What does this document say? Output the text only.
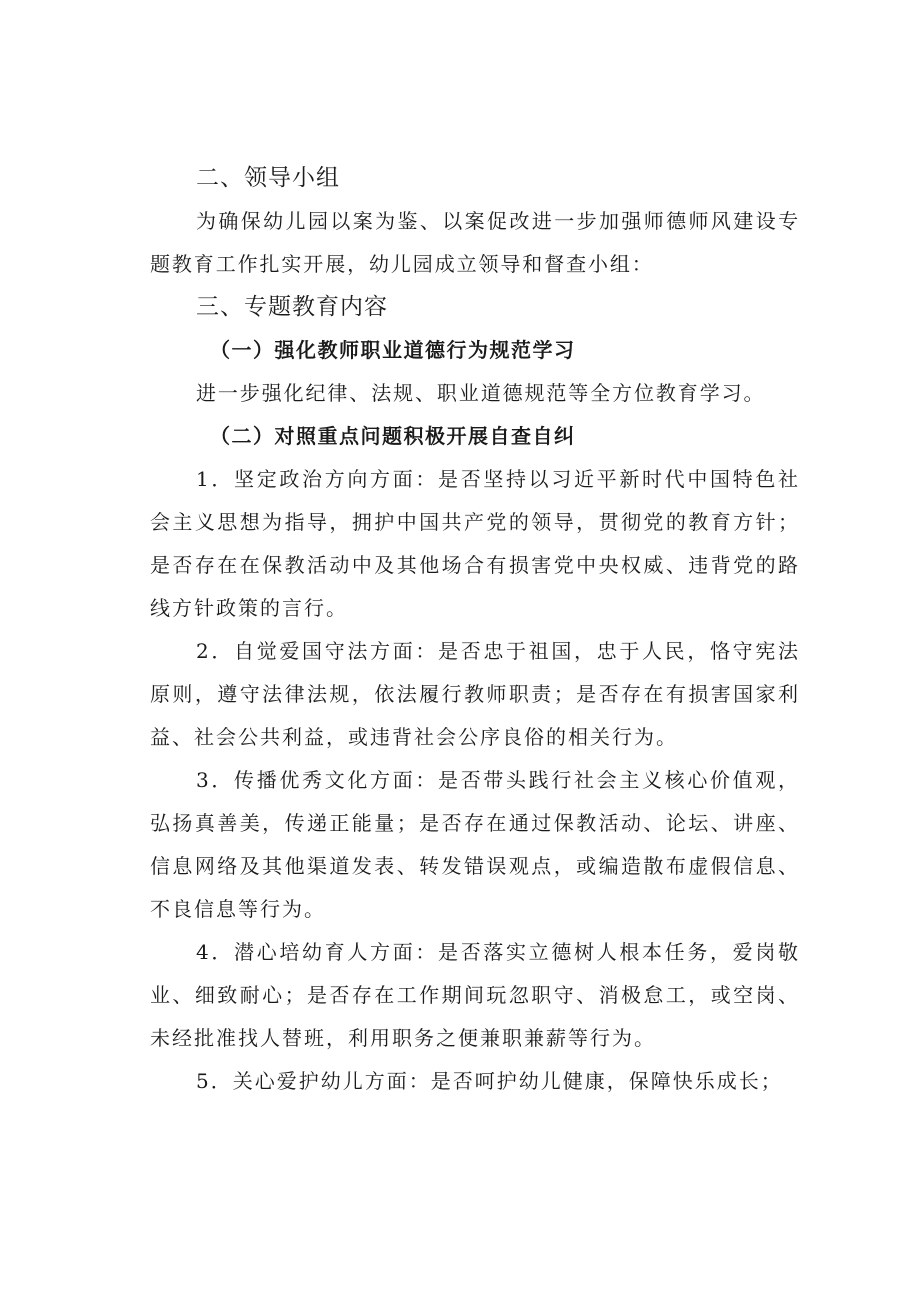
二、领导小组

为确保幼儿园以案为鉴、以案促改进一步加强师德师风建设专题教育工作扎实开展，幼儿园成立领导和督查小组：

三、专题教育内容
（一）强化教师职业道德行为规范学习

进一步强化纪律、法规、职业道德规范等全方位教育学习。

（二）对照重点问题积极开展自查自纠

1．坚定政治方向方面：是否坚持以习近平新时代中国特色社会主义思想为指导，拥护中国共产党的领导，贯彻党的教育方针；是否存在在保教活动中及其他场合有损害党中央权威、违背党的路线方针政策的言行。

2．自觉爱国守法方面：是否忠于祖国，忠于人民，恪守宪法原则，遵守法律法规，依法履行教师职责；是否存在有损害国家利益、社会公共利益，或违背社会公序良俗的相关行为。

3．传播优秀文化方面：是否带头践行社会主义核心价值观，弘扬真善美，传递正能量；是否存在通过保教活动、论坛、讲座、信息网络及其他渠道发表、转发错误观点，或编造散布虚假信息、不良信息等行为。

4．潜心培幼育人方面：是否落实立德树人根本任务，爱岗敬业、细致耐心；是否存在工作期间玩忽职守、消极怠工，或空岗、未经批准找人替班，利用职务之便兼职兼薪等行为。

5．关心爱护幼儿方面：是否呵护幼儿健康，保障快乐成长；
